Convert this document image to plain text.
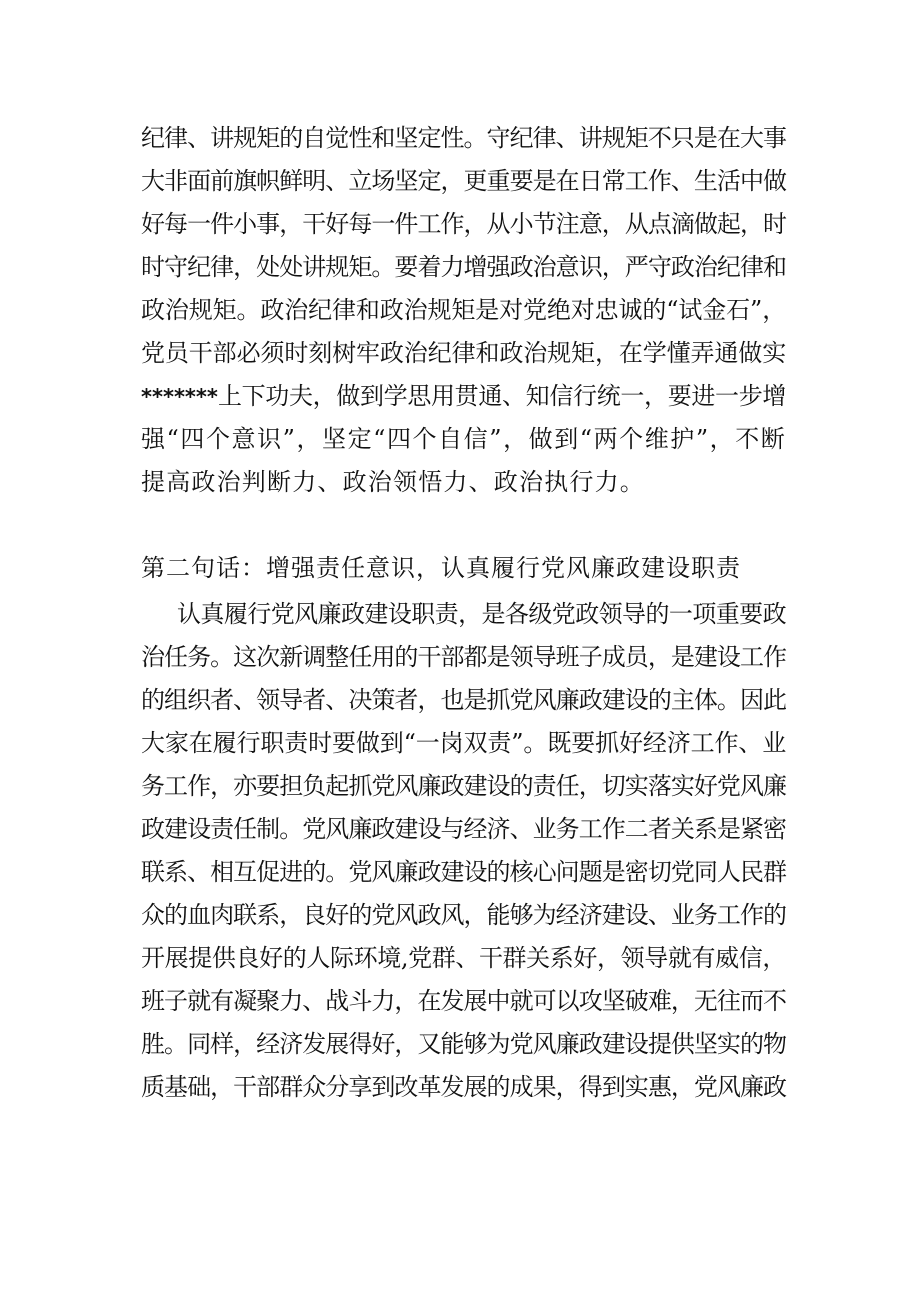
纪律、讲规矩的自觉性和坚定性。守纪律、讲规矩不只是在大事
大非面前旗帜鲜明、立场坚定，更重要是在日常工作、生活中做
好每一件小事，干好每一件工作，从小节注意，从点滴做起，时
时守纪律，处处讲规矩。要着力增强政治意识，严守政治纪律和
政治规矩。政治纪律和政治规矩是对党绝对忠诚的“试金石”，
党员干部必须时刻树牢政治纪律和政治规矩，在学懂弄通做实
*******上下功夫，做到学思用贯通、知信行统一，要进一步增
强“四个意识”，坚定“四个自信”，做到“两个维护”，不断
提高政治判断力、政治领悟力、政治执行力。
第二句话：增强责任意识，认真履行党风廉政建设职责
认真履行党风廉政建设职责，是各级党政领导的一项重要政
治任务。这次新调整任用的干部都是领导班子成员，是建设工作
的组织者、领导者、决策者，也是抓党风廉政建设的主体。因此
大家在履行职责时要做到“一岗双责”。既要抓好经济工作、业
务工作，亦要担负起抓党风廉政建设的责任，切实落实好党风廉
政建设责任制。党风廉政建设与经济、业务工作二者关系是紧密
联系、相互促进的。党风廉政建设的核心问题是密切党同人民群
众的血肉联系，良好的党风政风，能够为经济建设、业务工作的
开展提供良好的人际环境,党群、干群关系好，领导就有威信，
班子就有凝聚力、战斗力，在发展中就可以攻坚破难，无往而不
胜。同样，经济发展得好，又能够为党风廉政建设提供坚实的物
质基础，干部群众分享到改革发展的成果，得到实惠，党风廉政
